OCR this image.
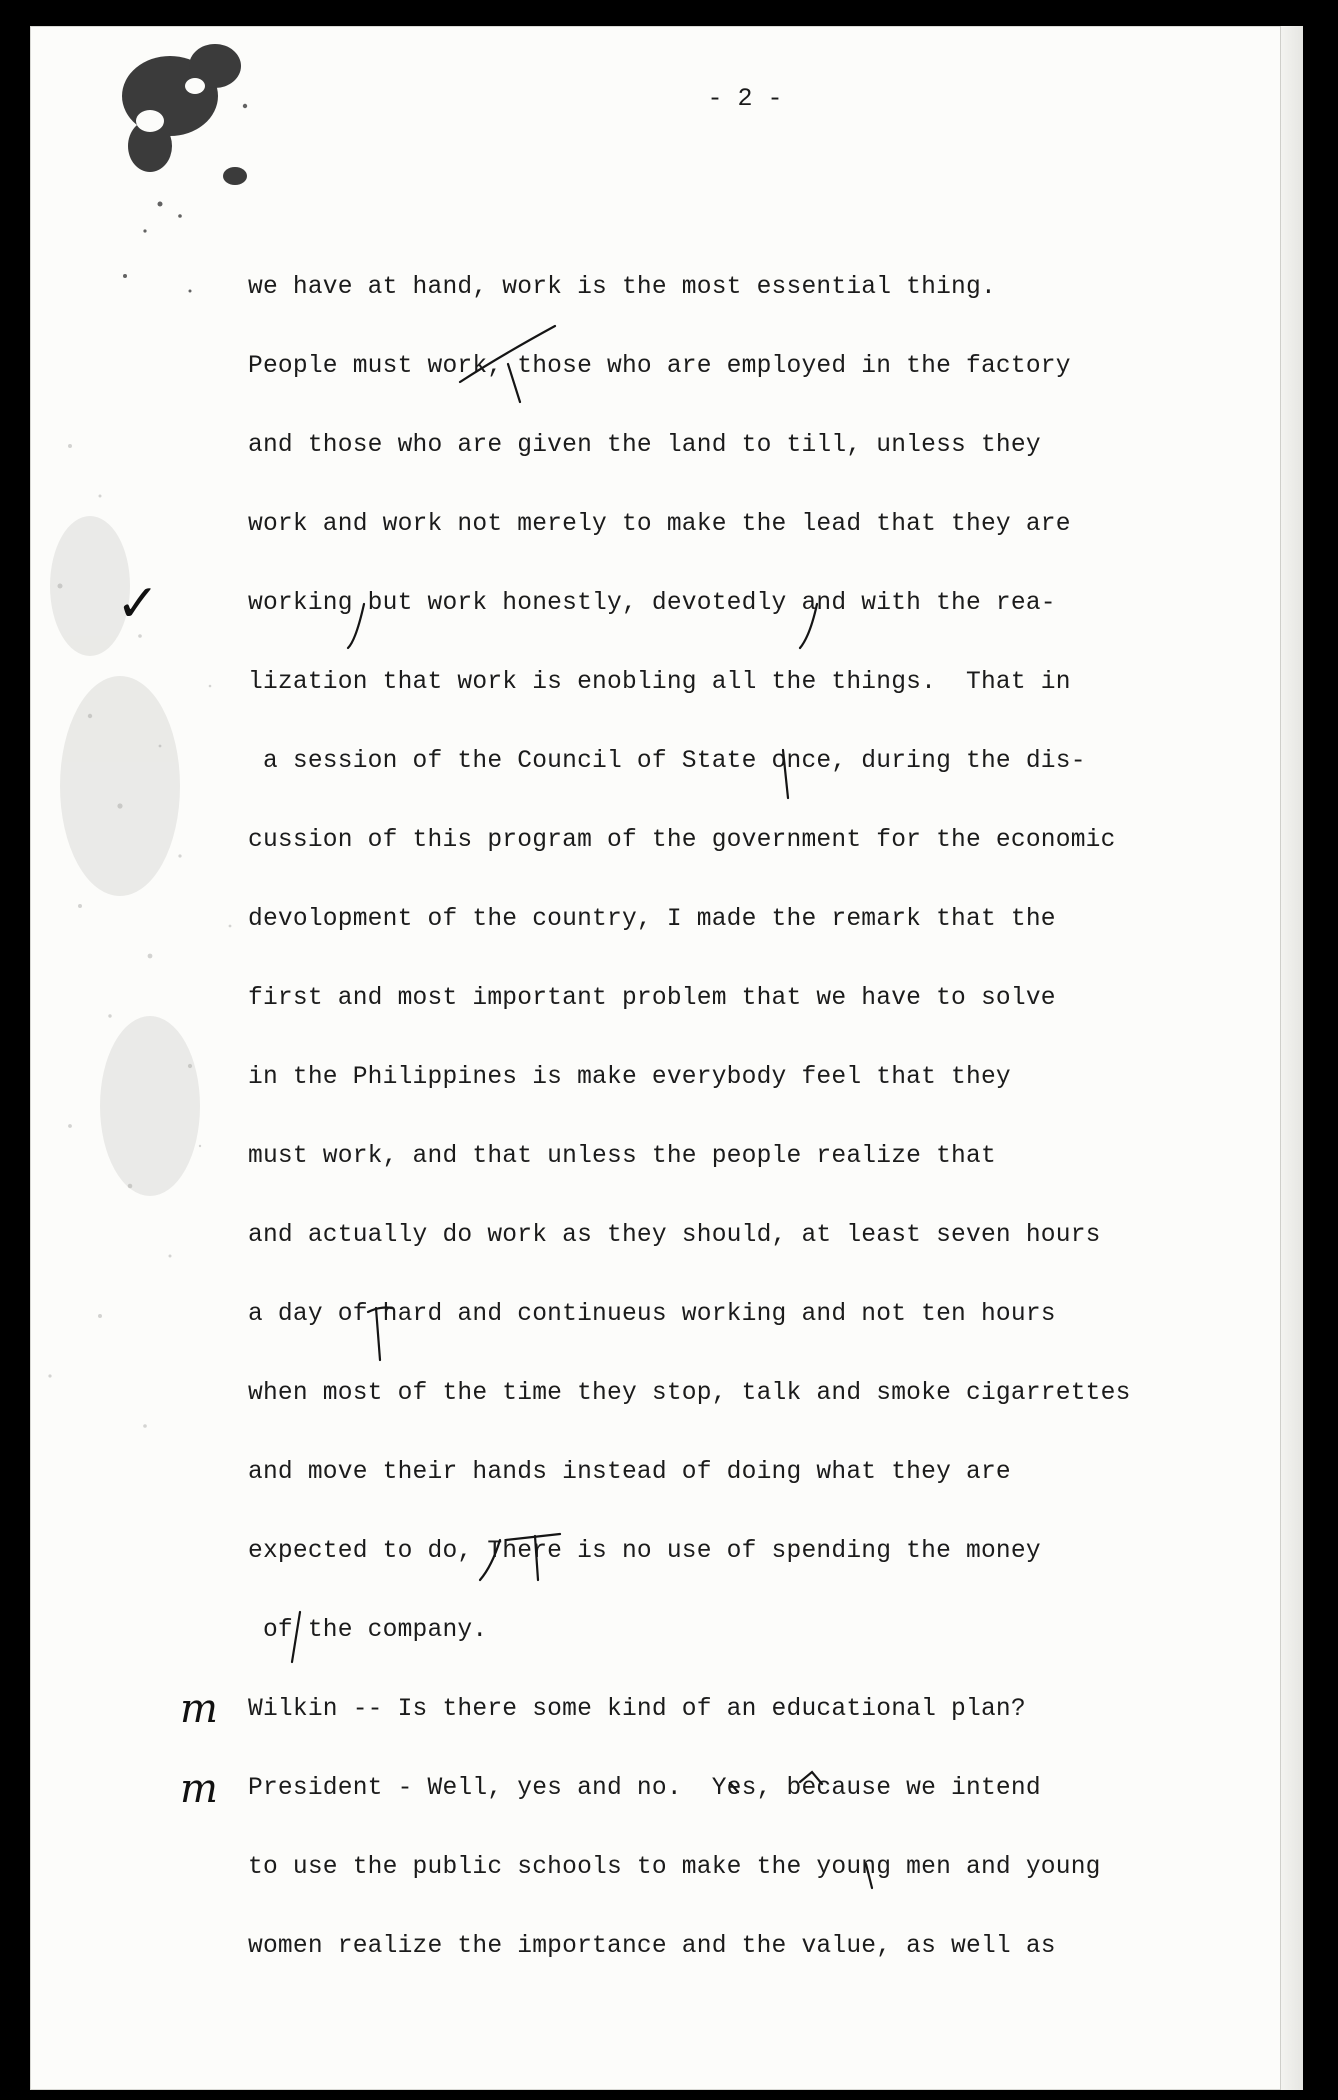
- 2 -
we have at hand, work is the most essential thing.
People must work, those who are employed in the factory
and those who are given the land to till, unless they
work and work not merely to make the lead that they are
working but work honestly, devotedly and with the rea-
lization that work is enobling all the things.  That in
a session of the Council of State once, during the dis-
cussion of this program of the government for the economic
devolopment of the country, I made the remark that the
first and most important problem that we have to solve
in the Philippines is make everybody feel that they
must work, and that unless the people realize that
and actually do work as they should, at least seven hours
a day of hard and continueus working and not ten hours
when most of the time they stop, talk and smoke cigarrettes
and move their hands instead of doing what they are
expected to do, There is no use of spending the money
of the company.
Wilkin -- Is there some kind of an educational plan?
President - Well, yes and no.  Yes, because we intend
to use the public schools to make the young men and young
women realize the importance and the value, as well as
✓
m
m
